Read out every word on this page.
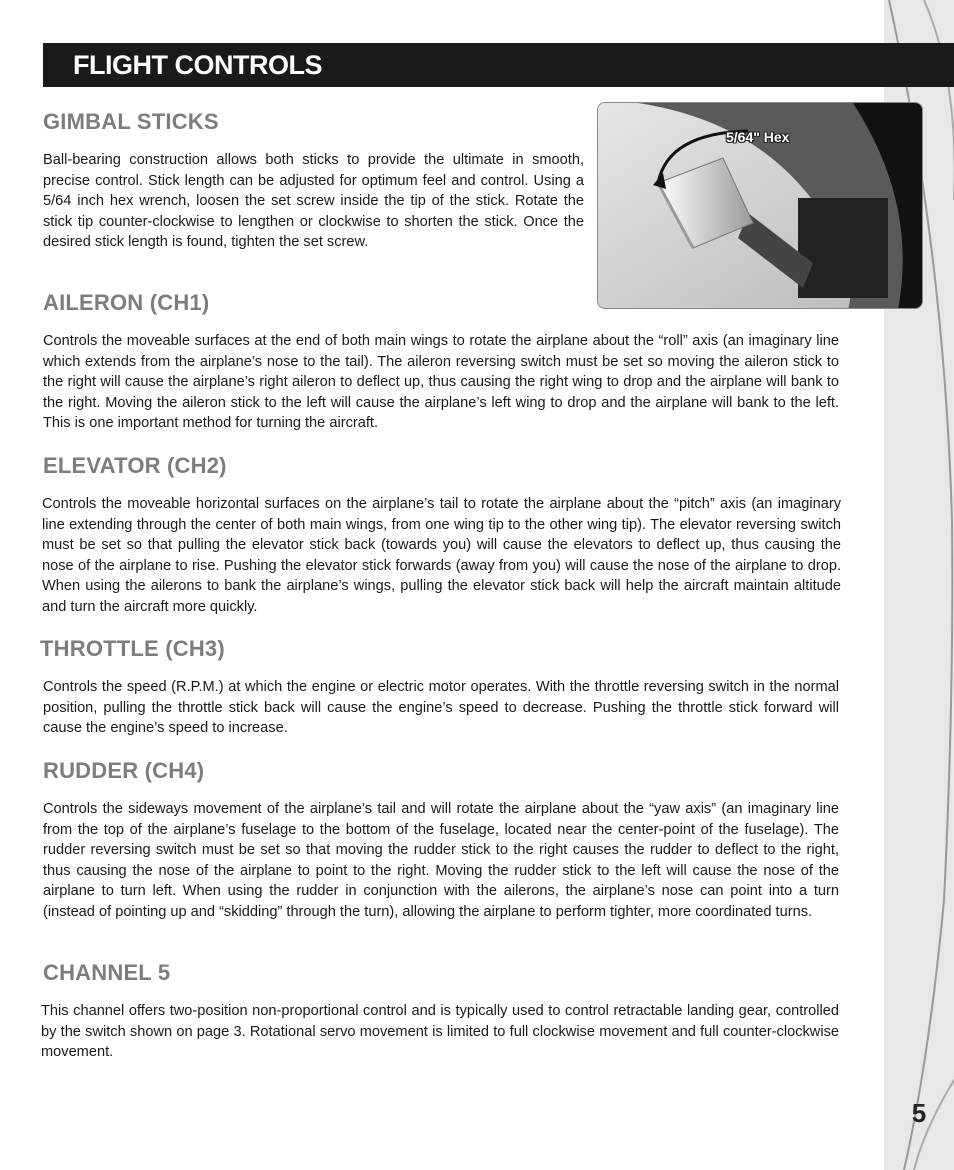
5
FLIGHT CONTROLS
GIMBAL STICKS
Ball-bearing construction allows both sticks to provide the ultimate in smooth, precise control. Stick length can be adjusted for optimum feel and control. Using a 5/64 inch hex wrench, loosen the set screw inside the tip of the stick. Rotate the stick tip counter-clockwise to lengthen or clockwise to shorten the stick. Once the desired stick length is found, tighten the set screw.
5/64" Hex
AILERON (CH1)
Controls the moveable surfaces at the end of both main wings to rotate the airplane about the “roll” axis (an imaginary line which extends from the airplane’s nose to the tail). The aileron reversing switch must be set so moving the aileron stick to the right will cause the airplane’s right aileron to deflect up, thus causing the right wing to drop and the airplane will bank to the right. Moving the aileron stick to the left will cause the airplane’s left wing to drop and the airplane will bank to the left. This is one important method for turning the aircraft.
ELEVATOR (CH2)
Controls the moveable horizontal surfaces on the airplane’s tail to rotate the airplane about the “pitch” axis (an imaginary line extending through the center of both main wings, from one wing tip to the other wing tip). The elevator reversing switch must be set so that pulling the elevator stick back (towards you) will cause the elevators to deflect up, thus causing the nose of the airplane to rise. Pushing the elevator stick forwards (away from you) will cause the nose of the airplane to drop. When using the ailerons to bank the airplane’s wings, pulling the elevator stick back will help the aircraft maintain altitude and turn the aircraft more quickly.
THROTTLE (CH3)
Controls the speed (R.P.M.) at which the engine or electric motor operates. With the throttle reversing switch in the normal position, pulling the throttle stick back will cause the engine’s speed to decrease. Pushing the throttle stick forward will cause the engine’s speed to increase.
RUDDER (CH4)
Controls the sideways movement of the airplane’s tail and will rotate the airplane about the “yaw axis” (an imaginary line from the top of the airplane’s fuselage to the bottom of the fuselage, located near the center-point of the fuselage). The rudder reversing switch must be set so that moving the rudder stick to the right causes the rudder to deflect to the right, thus causing the nose of the airplane to point to the right. Moving the rudder stick to the left will cause the nose of the airplane to turn left. When using the rudder in conjunction with the ailerons, the airplane’s nose can point into a turn (instead of pointing up and “skidding” through the turn), allowing the airplane to perform tighter, more coordinated turns.
CHANNEL 5
This channel offers two-position non-proportional control and is typically used to control retractable landing gear, controlled by the switch shown on page 3. Rotational servo movement is limited to full clockwise movement and full counter-clockwise movement.
